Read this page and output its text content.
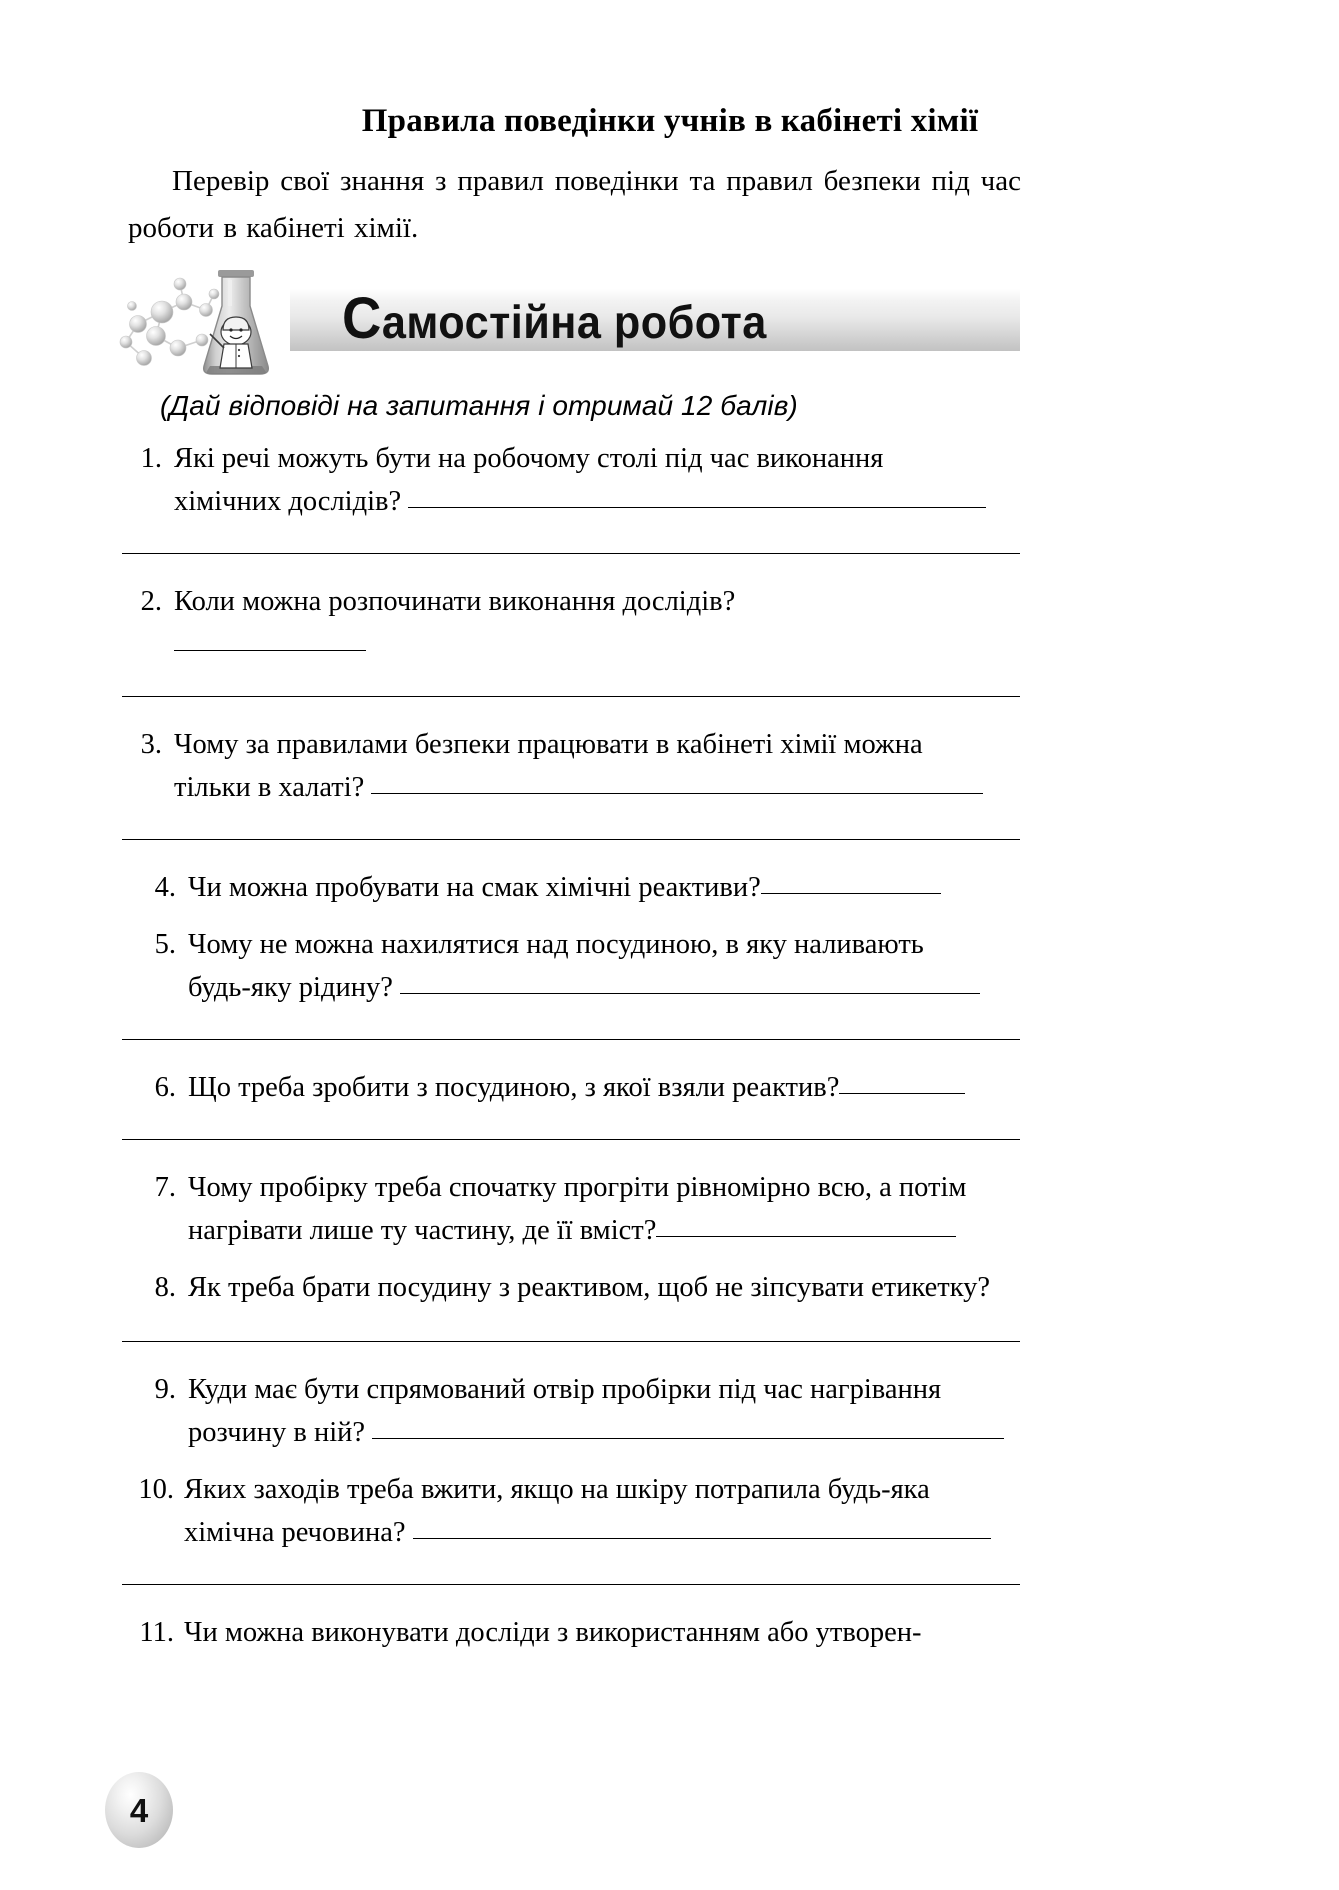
Правила поведінки учнів в кабінеті хімії
Перевір свої знання з правил поведінки та правил безпеки під час роботи в кабінеті хімії.
Самостійна робота
(Дай відповіді на запитання і отримай 12 балів)
1. Які речі можуть бути на робочому столі під час виконання
хімічних дослідів?
2. Коли можна розпочинати виконання дослідів?
3. Чому за правилами безпеки працювати в кабінеті хімії можна
тільки в халаті?
4. Чи можна пробувати на смак хімічні реактиви?
5. Чому не можна нахилятися над посудиною, в яку наливають
будь-яку рідину?
6. Що треба зробити з посудиною, з якої взяли реактив?
7. Чому пробірку треба спочатку прогріти рівномірно всю, а потім
нагрівати лише ту частину, де її вміст?
8. Як треба брати посудину з реактивом, щоб не зіпсувати етикетку?
9. Куди має бути спрямований отвір пробірки під час нагрівання
розчину в ній?
10. Яких заходів треба вжити, якщо на шкіру потрапила будь-яка
хімічна речовина?
11. Чи можна виконувати досліди з використанням або утворен-
4
